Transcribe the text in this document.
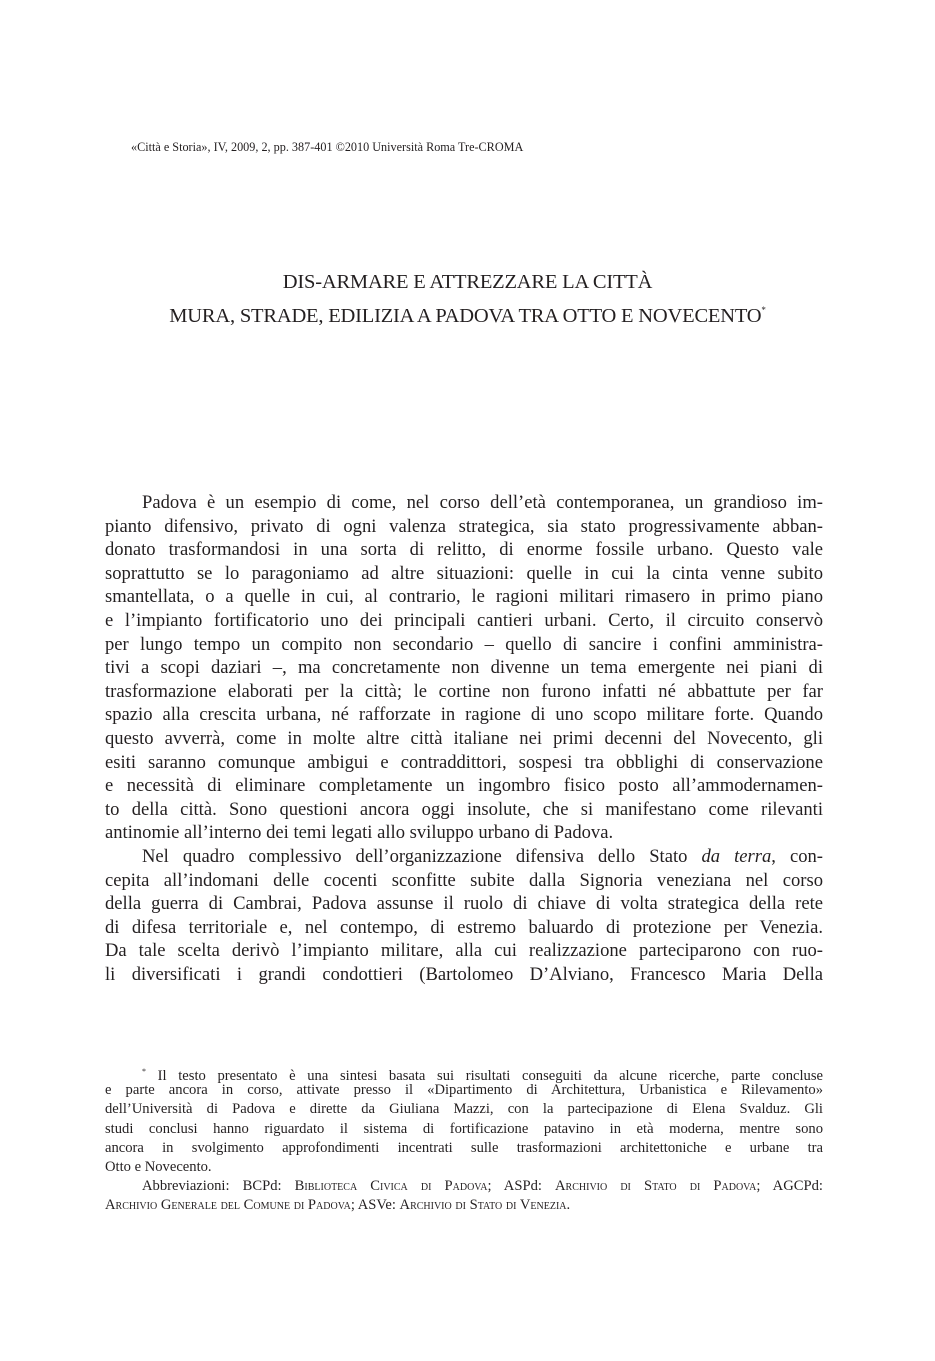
«Città e Storia», IV, 2009, 2, pp. 387-401 ©2010 Università Roma Tre-CROMA
DIS-ARMARE E ATTREZZARE LA CITTÀ
MURA, STRADE, EDILIZIA A PADOVA TRA OTTO E NOVECENTO*
Padova è un esempio di come, nel corso dell’età contemporanea, un grandioso im-
pianto difensivo, privato di ogni valenza strategica, sia stato progressivamente abban-
donato trasformandosi in una sorta di relitto, di enorme fossile urbano. Questo vale
soprattutto se lo paragoniamo ad altre situazioni: quelle in cui la cinta venne subito
smantellata, o a quelle in cui, al contrario, le ragioni militari rimasero in primo piano
e l’impianto fortificatorio uno dei principali cantieri urbani. Certo, il circuito conservò
per lungo tempo un compito non secondario – quello di sancire i confini amministra-
tivi a scopi daziari –, ma concretamente non divenne un tema emergente nei piani di
trasformazione elaborati per la città; le cortine non furono infatti né abbattute per far
spazio alla crescita urbana, né rafforzate in ragione di uno scopo militare forte. Quando
questo avverrà, come in molte altre città italiane nei primi decenni del Novecento, gli
esiti saranno comunque ambigui e contraddittori, sospesi tra obblighi di conservazione
e necessità di eliminare completamente un ingombro fisico posto all’ammodernamen-
to della città. Sono questioni ancora oggi insolute, che si manifestano come rilevanti
antinomie all’interno dei temi legati allo sviluppo urbano di Padova.
Nel quadro complessivo dell’organizzazione difensiva dello Stato da terra, con-
cepita all’indomani delle cocenti sconfitte subite dalla Signoria veneziana nel corso
della guerra di Cambrai, Padova assunse il ruolo di chiave di volta strategica della rete
di difesa territoriale e, nel contempo, di estremo baluardo di protezione per Venezia.
Da tale scelta derivò l’impianto militare, alla cui realizzazione parteciparono con ruo-
li diversificati i grandi condottieri (Bartolomeo D’Alviano, Francesco Maria Della
* Il testo presentato è una sintesi basata sui risultati conseguiti da alcune ricerche, parte concluse
e parte ancora in corso, attivate presso il «Dipartimento di Architettura, Urbanistica e Rilevamento»
dell’Università di Padova e dirette da Giuliana Mazzi, con la partecipazione di Elena Svalduz. Gli
studi conclusi hanno riguardato il sistema di fortificazione patavino in età moderna, mentre sono
ancora in svolgimento approfondimenti incentrati sulle trasformazioni architettoniche e urbane tra
Otto e Novecento.
Abbreviazioni: BCPd: Biblioteca Civica di Padova; ASPd: Archivio di Stato di Padova; AGCPd:
Archivio Generale del Comune di Padova; ASVe: Archivio di Stato di Venezia.
